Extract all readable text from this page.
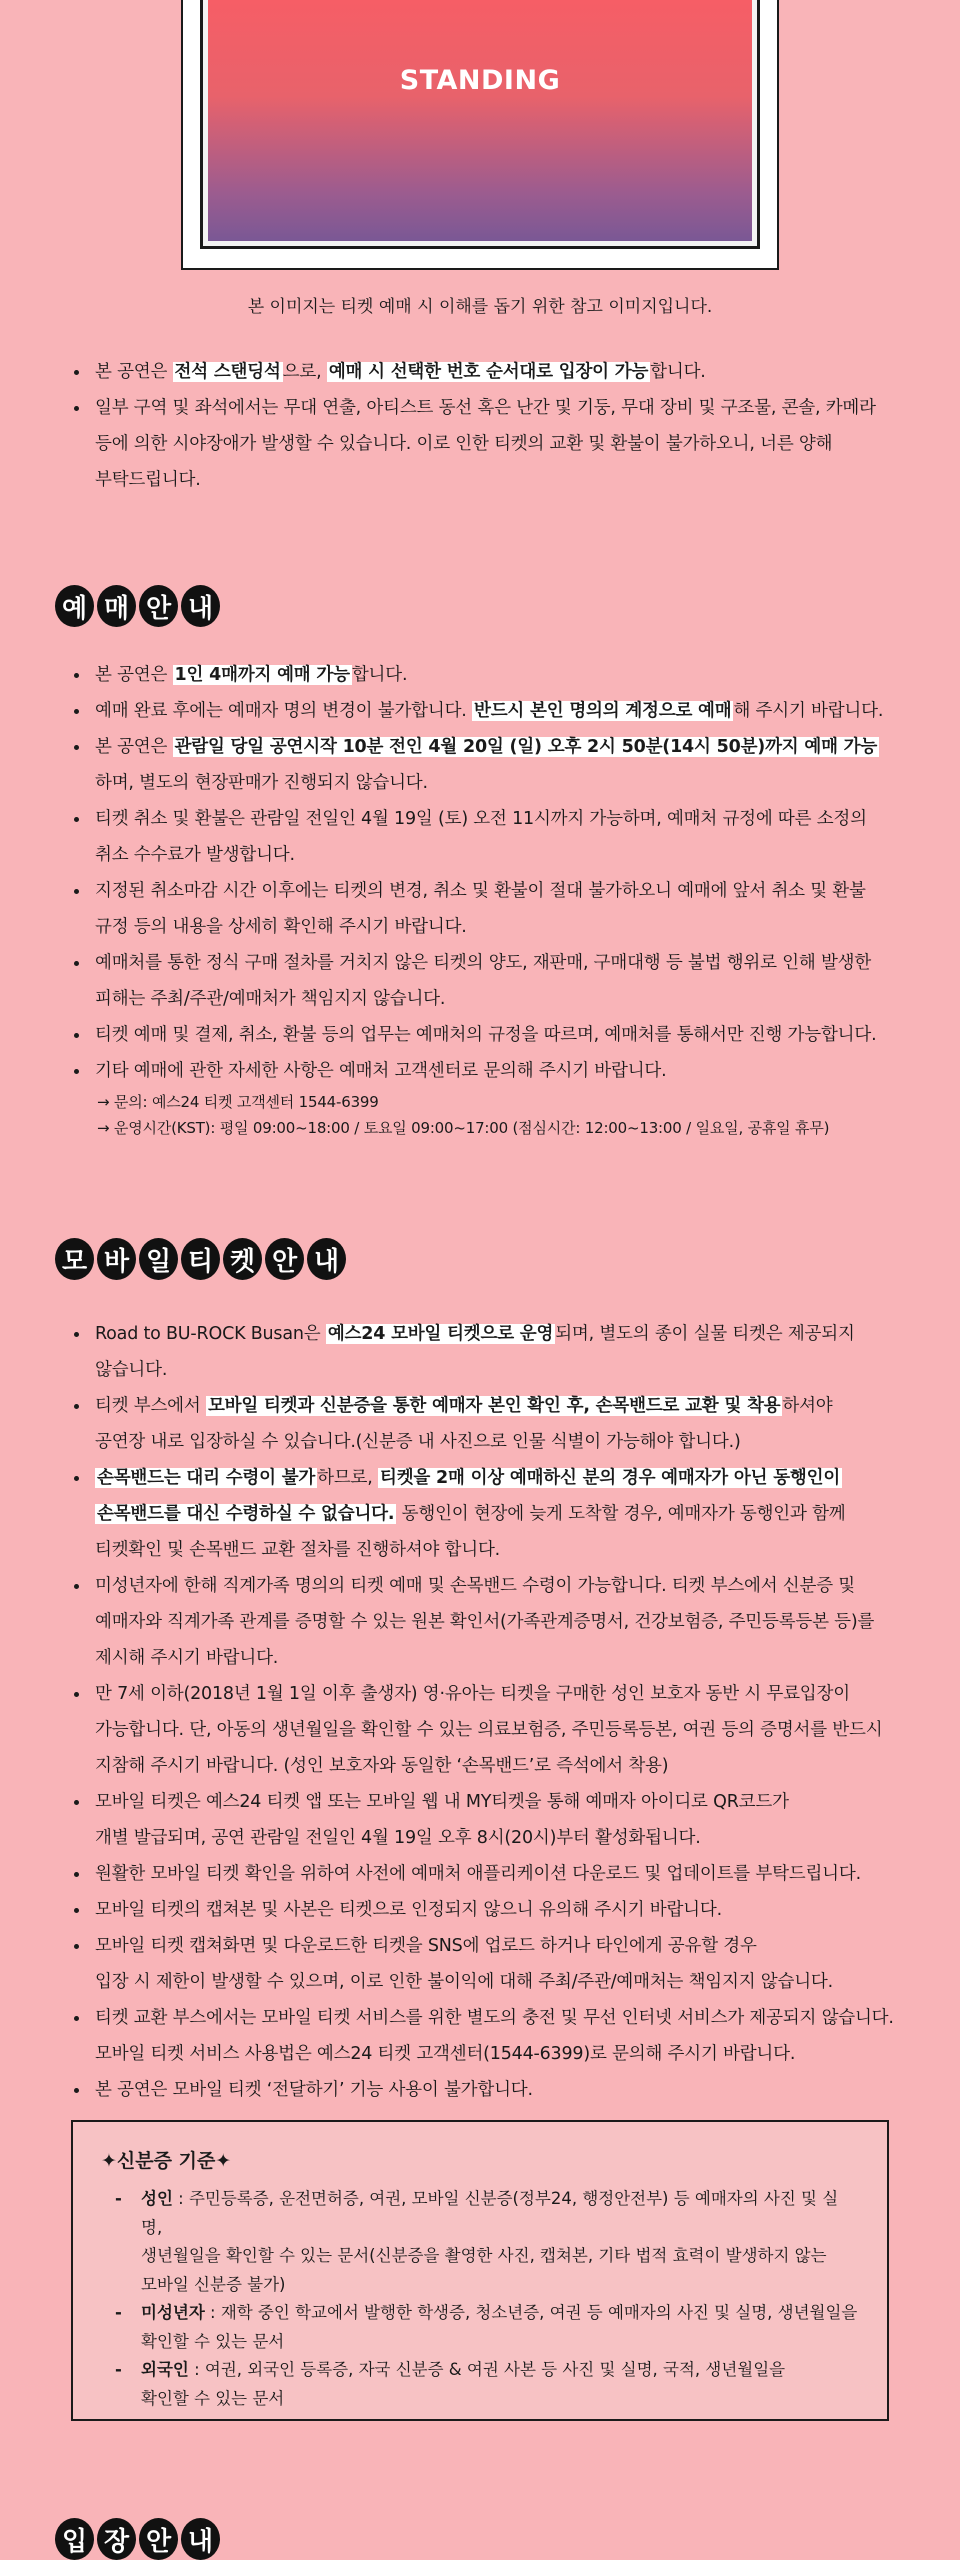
STANDING
본 이미지는 티켓 예매 시 이해를 돕기 위한 참고 이미지입니다.
본 공연은 전석 스탠딩석 으로, 예매 시 선택한 번호 순서대로 입장이 가능 합니다.
일부 구역 및 좌석에서는 무대 연출, 아티스트 동선 혹은 난간 및 기둥, 무대 장비 및 구조물, 콘솔, 카메라
등에 의한 시야장애가 발생할 수 있습니다. 이로 인한 티켓의 교환 및 환불이 불가하오니, 너른 양해
부탁드립니다.
예 매 안 내
본 공연은 1인 4매까지 예매 가능 합니다.
예매 완료 후에는 예매자 명의 변경이 불가합니다. 반드시 본인 명의의 계정으로 예매 해 주시기 바랍니다.
본 공연은 관람일 당일 공연시작 10분 전인 4월 20일 (일) 오후 2시 50분(14시 50분)까지 예매 가능
하며, 별도의 현장판매가 진행되지 않습니다.
티켓 취소 및 환불은 관람일 전일인 4월 19일 (토) 오전 11시까지 가능하며, 예매처 규정에 따른 소정의
취소 수수료가 발생합니다.
지정된 취소마감 시간 이후에는 티켓의 변경, 취소 및 환불이 절대 불가하오니 예매에 앞서 취소 및 환불
규정 등의 내용을 상세히 확인해 주시기 바랍니다.
예매처를 통한 정식 구매 절차를 거치지 않은 티켓의 양도, 재판매, 구매대행 등 불법 행위로 인해 발생한
피해는 주최/주관/예매처가 책임지지 않습니다.
티켓 예매 및 결제, 취소, 환불 등의 업무는 예매처의 규정을 따르며, 예매처를 통해서만 진행 가능합니다.
기타 예매에 관한 자세한 사항은 예매처 고객센터로 문의해 주시기 바랍니다.
→ 문의: 예스24 티켓 고객센터 1544-6399
→ 운영시간(KST): 평일 09:00~18:00 / 토요일 09:00~17:00 (점심시간: 12:00~13:00 / 일요일, 공휴일 휴무)
모 바 일 티 켓 안 내
Road to BU-ROCK Busan은 예스24 모바일 티켓으로 운영 되며, 별도의 종이 실물 티켓은 제공되지
않습니다.
티켓 부스에서 모바일 티켓과 신분증을 통한 예매자 본인 확인 후, 손목밴드로 교환 및 착용 하셔야
공연장 내로 입장하실 수 있습니다.(신분증 내 사진으로 인물 식별이 가능해야 합니다.)
손목밴드는 대리 수령이 불가 하므로, 티켓을 2매 이상 예매하신 분의 경우 예매자가 아닌 동행인이
손목밴드를 대신 수령하실 수 없습니다. 동행인이 현장에 늦게 도착할 경우, 예매자가 동행인과 함께
티켓확인 및 손목밴드 교환 절차를 진행하셔야 합니다.
미성년자에 한해 직계가족 명의의 티켓 예매 및 손목밴드 수령이 가능합니다. 티켓 부스에서 신분증 및
예매자와 직계가족 관계를 증명할 수 있는 원본 확인서(가족관계증명서, 건강보험증, 주민등록등본 등)를
제시해 주시기 바랍니다.
만 7세 이하(2018년 1월 1일 이후 출생자) 영·유아는 티켓을 구매한 성인 보호자 동반 시 무료입장이
가능합니다. 단, 아동의 생년월일을 확인할 수 있는 의료보험증, 주민등록등본, 여권 등의 증명서를 반드시
지참해 주시기 바랍니다. (성인 보호자와 동일한 ‘손목밴드’로 즉석에서 착용)
모바일 티켓은 예스24 티켓 앱 또는 모바일 웹 내 MY티켓을 통해 예매자 아이디로 QR코드가
개별 발급되며, 공연 관람일 전일인 4월 19일 오후 8시(20시)부터 활성화됩니다.
원활한 모바일 티켓 확인을 위하여 사전에 예매처 애플리케이션 다운로드 및 업데이트를 부탁드립니다.
모바일 티켓의 캡쳐본 및 사본은 티켓으로 인정되지 않으니 유의해 주시기 바랍니다.
모바일 티켓 캡쳐화면 및 다운로드한 티켓을 SNS에 업로드 하거나 타인에게 공유할 경우
입장 시 제한이 발생할 수 있으며, 이로 인한 불이익에 대해 주최/주관/예매처는 책임지지 않습니다.
티켓 교환 부스에서는 모바일 티켓 서비스를 위한 별도의 충전 및 무선 인터넷 서비스가 제공되지 않습니다.
모바일 티켓 서비스 사용법은 예스24 티켓 고객센터(1544-6399)로 문의해 주시기 바랍니다.
본 공연은 모바일 티켓 ‘전달하기’ 기능 사용이 불가합니다.
✦신분증 기준✦
- 성인 : 주민등록증, 운전면허증, 여권, 모바일 신분증(정부24, 행정안전부) 등 예매자의 사진 및 실명,
생년월일을 확인할 수 있는 문서(신분증을 촬영한 사진, 캡쳐본, 기타 법적 효력이 발생하지 않는
모바일 신분증 불가)
- 미성년자 : 재학 중인 학교에서 발행한 학생증, 청소년증, 여권 등 예매자의 사진 및 실명, 생년월일을
확인할 수 있는 문서
- 외국인 : 여권, 외국인 등록증, 자국 신분증 & 여권 사본 등 사진 및 실명, 국적, 생년월일을
확인할 수 있는 문서
입 장 안 내
